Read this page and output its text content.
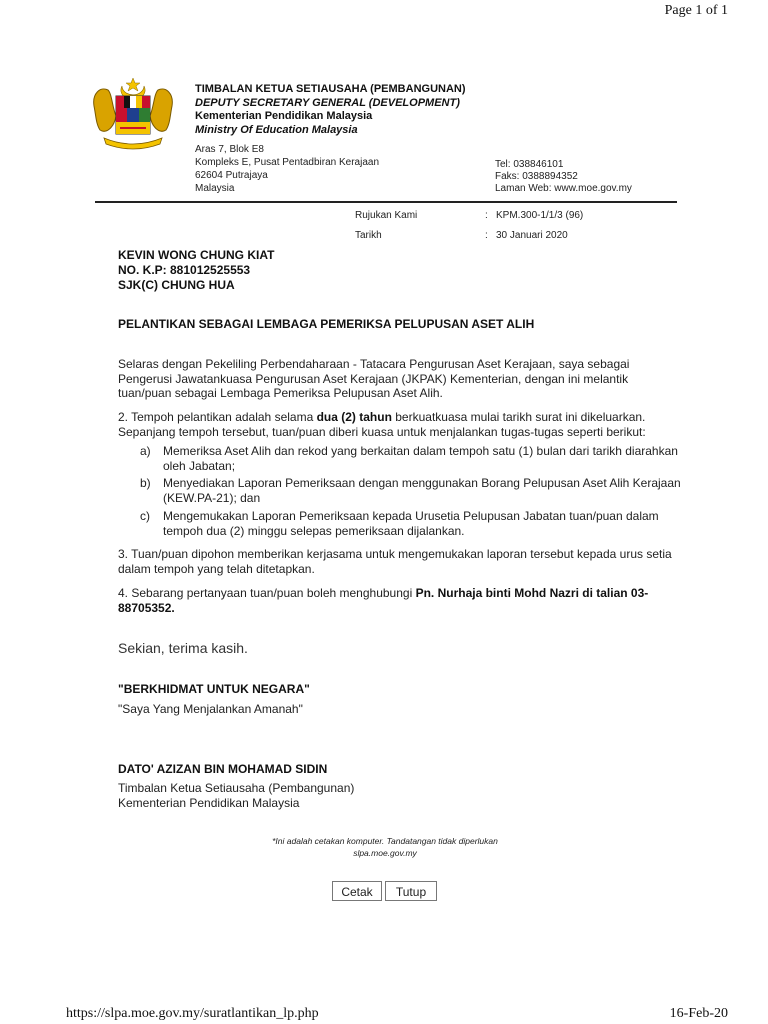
Page 1 of 1
TIMBALAN KETUA SETIAUSAHA (PEMBANGUNAN)
DEPUTY SECRETARY GENERAL (DEVELOPMENT)
Kementerian Pendidikan Malaysia
Ministry Of Education Malaysia
Aras 7, Blok E8
Kompleks E, Pusat Pentadbiran Kerajaan
62604 Putrajaya
Malaysia
Tel: 038846101
Faks: 0388894352
Laman Web: www.moe.gov.my
Rujukan Kami	: KPM.300-1/1/3 (96)
Tarikh	: 30 Januari 2020
KEVIN WONG CHUNG KIAT
NO. K.P: 881012525553
SJK(C) CHUNG HUA
PELANTIKAN SEBAGAI LEMBAGA PEMERIKSA PELUPUSAN ASET ALIH
Selaras dengan Pekeliling Perbendaharaan - Tatacara Pengurusan Aset Kerajaan, saya sebagai Pengerusi Jawatankuasa Pengurusan Aset Kerajaan (JKPAK) Kementerian, dengan ini melantik tuan/puan sebagai Lembaga Pemeriksa Pelupusan Aset Alih.
2. Tempoh pelantikan adalah selama dua (2) tahun berkuatkuasa mulai tarikh surat ini dikeluarkan. Sepanjang tempoh tersebut, tuan/puan diberi kuasa untuk menjalankan tugas-tugas seperti berikut:
a) Memeriksa Aset Alih dan rekod yang berkaitan dalam tempoh satu (1) bulan dari tarikh diarahkan oleh Jabatan;
b) Menyediakan Laporan Pemeriksaan dengan menggunakan Borang Pelupusan Aset Alih Kerajaan (KEW.PA-21); dan
c) Mengemukakan Laporan Pemeriksaan kepada Urusetia Pelupusan Jabatan tuan/puan dalam tempoh dua (2) minggu selepas pemeriksaan dijalankan.
3. Tuan/puan dipohon memberikan kerjasama untuk mengemukakan laporan tersebut kepada urus setia dalam tempoh yang telah ditetapkan.
4. Sebarang pertanyaan tuan/puan boleh menghubungi Pn. Nurhaja binti Mohd Nazri di talian 03-88705352.
Sekian, terima kasih.
"BERKHIDMAT UNTUK NEGARA"
"Saya Yang Menjalankan Amanah"
DATO' AZIZAN BIN MOHAMAD SIDIN
Timbalan Ketua Setiausaha (Pembangunan)
Kementerian Pendidikan Malaysia
*Ini adalah cetakan komputer. Tandatangan tidak diperlukan
slpa.moe.gov.my
Cetak	Tutup
https://slpa.moe.gov.my/suratlantikan_lp.php	16-Feb-20
